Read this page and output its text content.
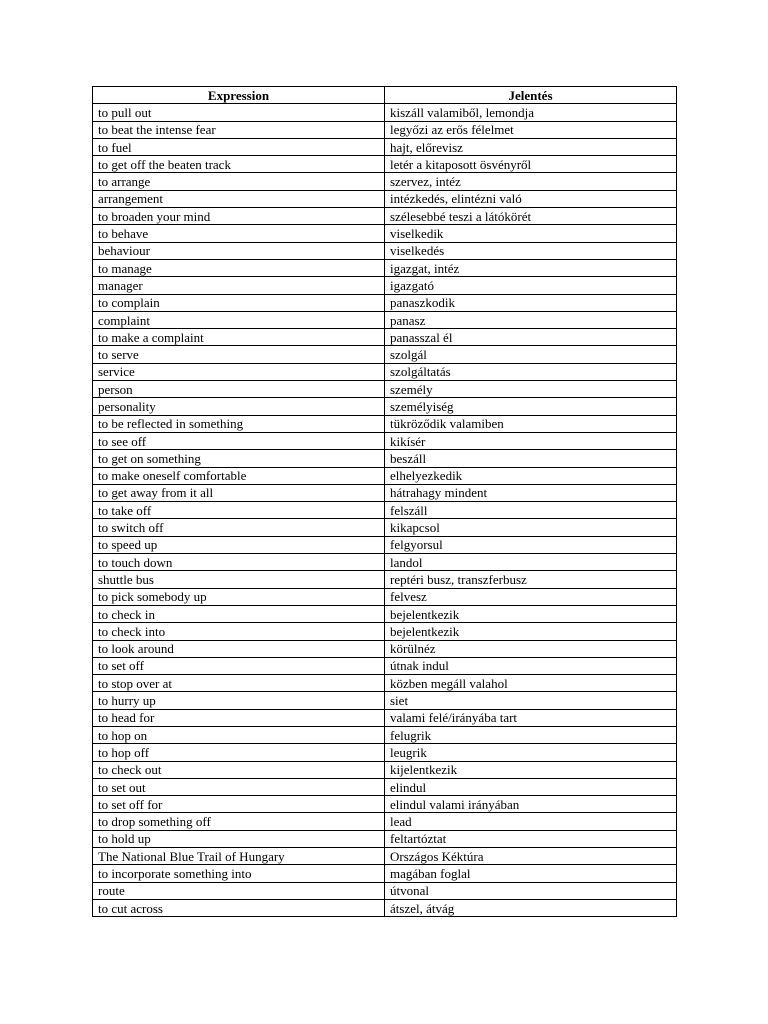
Expression	Jelentés
to pull out	kiszáll valamiből, lemondja
to beat the intense fear	legyőzi az erős félelmet
to fuel	hajt, előrevisz
to get off the beaten track	letér a kitaposott ösvényről
to arrange	szervez, intéz
arrangement	intézkedés, elintézni való
to broaden your mind	szélesebbé teszi a látókörét
to behave	viselkedik
behaviour	viselkedés
to manage	igazgat, intéz
manager	igazgató
to complain	panaszkodik
complaint	panasz
to make a complaint	panasszal él
to serve	szolgál
service	szolgáltatás
person	személy
personality	személyiség
to be reflected in something	tükröződik valamiben
to see off	kikísér
to get on something	beszáll
to make oneself comfortable	elhelyezkedik
to get away from it all	hátrahagy mindent
to take off	felszáll
to switch off	kikapcsol
to speed up	felgyorsul
to touch down	landol
shuttle bus	reptéri busz, transzferbusz
to pick somebody up	felvesz
to check in	bejelentkezik
to check into	bejelentkezik
to look around	körülnéz
to set off	útnak indul
to stop over at	közben megáll valahol
to hurry up	siet
to head for	valami felé/irányába tart
to hop on	felugrik
to hop off	leugrik
to check out	kijelentkezik
to set out	elindul
to set off for	elindul valami irányában
to drop something off	lead
to hold up	feltartóztat
The National Blue Trail of Hungary	Országos Kéktúra
to incorporate something into	magában foglal
route	útvonal
to cut across	átszel, átvág
